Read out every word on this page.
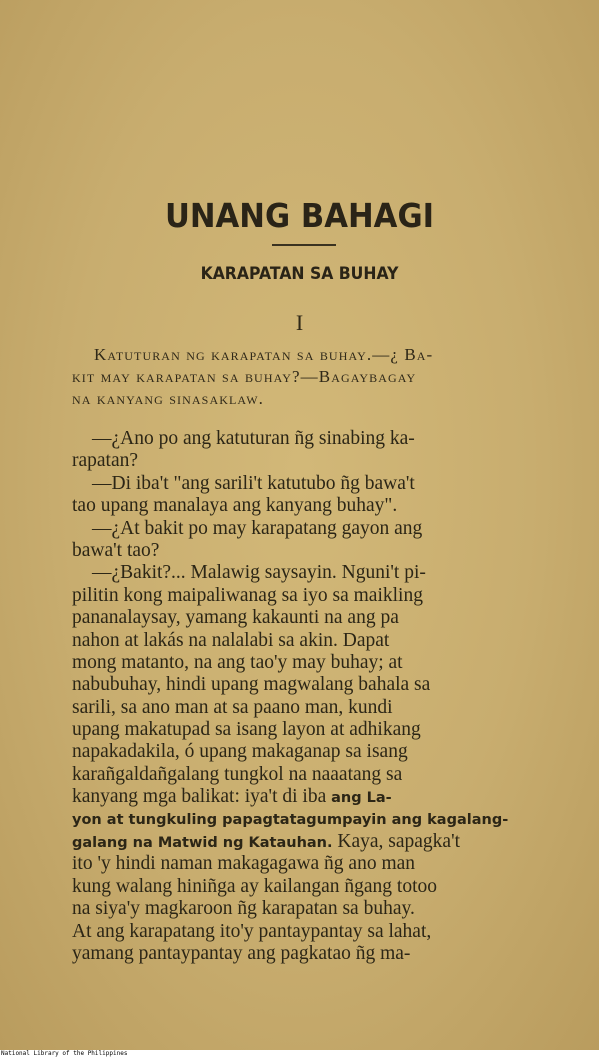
UNANG BAHAGI
KARAPATAN SA BUHAY
I
Katuturan ng karapatan sa buhay.—¿ Ba-
kit may karapatan sa buhay?—Bagaybagay
na kanyang sinasaklaw.
—¿Ano po ang katuturan ñg sinabing ka-
rapatan?
—Di iba't "ang sarili't katutubo ñg bawa't
tao upang manalaya ang kanyang buhay".
—¿At bakit po may karapatang gayon ang
bawa't tao?
—¿Bakit?... Malawig saysayin. Nguni't pi-
pilitin kong maipaliwanag sa iyo sa maikling
pananalaysay, yamang kakaunti na ang pa
nahon at lakás na nalalabi sa akin. Dapat
mong matanto, na ang tao'y may buhay; at
nabubuhay, hindi upang magwalang bahala sa
sarili, sa ano man at sa paano man, kundi
upang makatupad sa isang layon at adhikang
napakadakila, ó upang makaganap sa isang
karañgaldañgalang tungkol na naaatang sa
kanyang mga balikat: iya't di iba ang La-
yon at tungkuling papagtatagumpayin ang kagalang-
galang na Matwid ng Katauhan. Kaya, sapagka't
ito 'y hindi naman makagagawa ñg ano man
kung walang hiniñga ay kailangan ñgang totoo
na siya'y magkaroon ñg karapatan sa buhay.
At ang karapatang ito'y pantaypantay sa lahat,
yamang pantaypantay ang pagkatao ñg ma-
National Library of the Philippines
